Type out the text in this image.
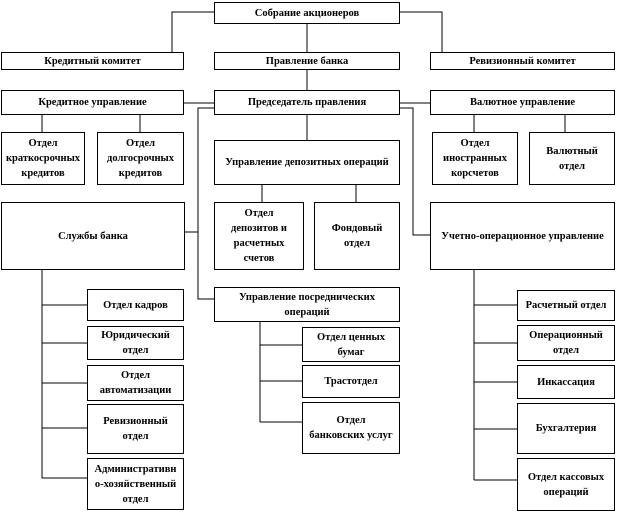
Собрание акционеров
Кредитный комитет	Правление банка	Ревизионный комитет
Кредитное управление	Председатель правления	Валютное управление
Отдел
краткосрочных
кредитов
Отдел
долгосрочных
кредитов
Управление депозитных операций
Отдел
иностранных
корсчетов
Валютный
отдел
Службы банка
Отдел
депозитов и
расчетных
счетов
Фондовый
отдел
Учетно-операционное управление
Отдел кадров
Юридический
отдел
Отдел
автоматизации
Ревизионный
отдел
Административн
о-хозяйственный
отдел
Управление посреднических
операций
Отдел ценных
бумаг
Трастотдел
Отдел
банковских услуг
Расчетный отдел
Операционный
отдел
Инкассация
Бухгалтерия
Отдел кассовых
операций
